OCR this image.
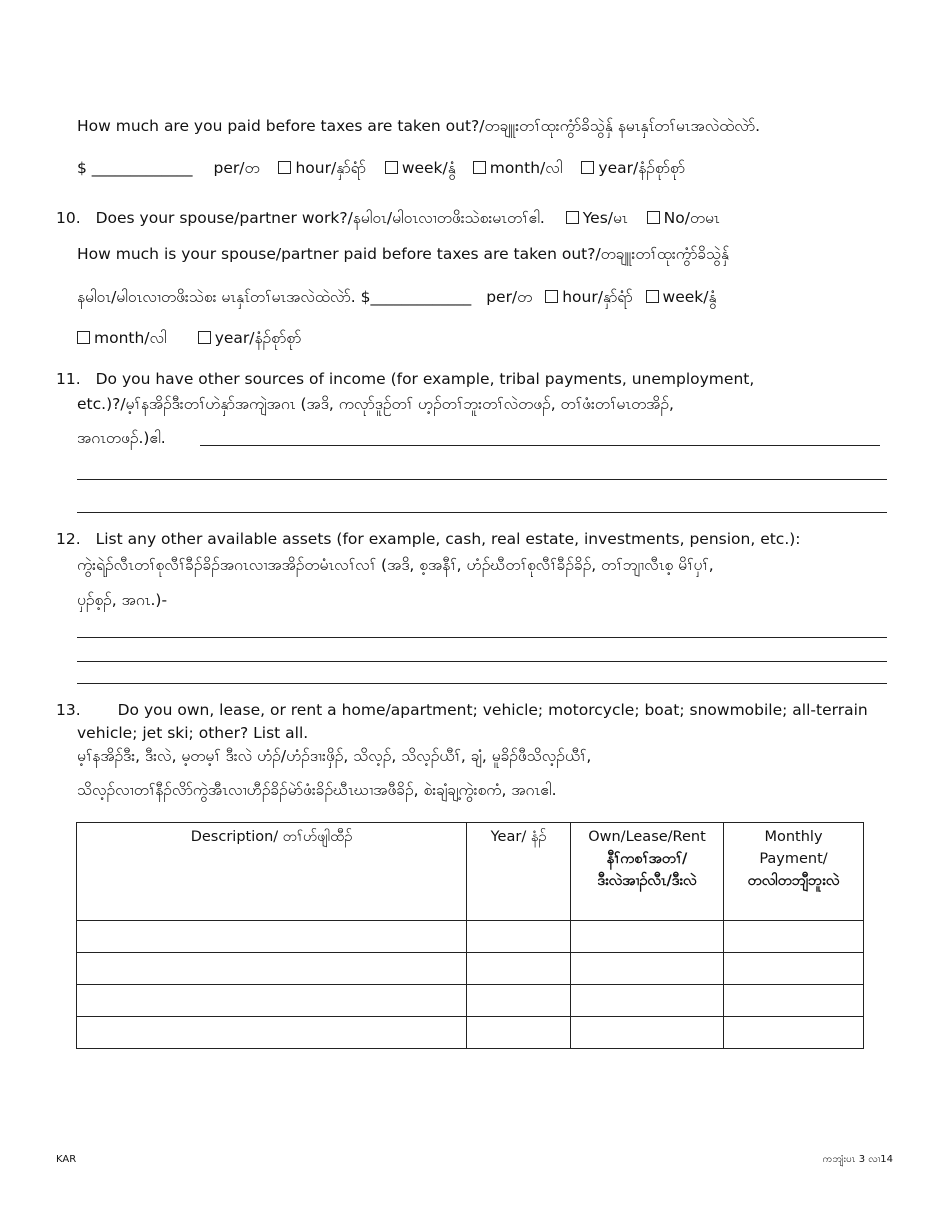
How much are you paid before taxes are taken out?/တချူးတၢ်ထုးကွံာ်ခိသွဲနှ် နမၤနှၤ်တၢ်မၤအလဲထဲလဲာ်.
$ _____________ per/တ hour/နှာ်ရံာ် week/နွံ month/လါ year/နံၣ်စုာ်စုာ်
10. Does your spouse/partner work?/နမါဝၤ/မါဝၤလၢတဖိးသဲစးမၤတၢ်ဧါ. Yes/မၤ No/တမၤ
How much is your spouse/partner paid before taxes are taken out?/တချူးတၢ်ထုးကွံာ်ခိသွဲနှ်
နမါဝၤ/မါဝၤလၢတဖိးသဲစး မၤနှၤ်တၢ်မၤအလဲထဲလဲာ်. $_____________ per/တ hour/နှာ်ရံာ် week/နွံ
month/လါ	year/နံၣ်စုာ်စုာ်
11. Do you have other sources of income (for example, tribal payments, unemployment,
etc.)?/မ့ၢ်နအိၣ်ဒီးတၢ်ဟဲနှာ်အကျဲအဂၤ (အဒိ, ကလုာ်ဒူဉ်တၢ် ဟ့ၣ်တၢ်ဘူးတၢ်လဲတဖၣ်, တၢ်ဖံးတၢ်မၤတအိၣ်,
အဂၤတဖၣ်.)ဧါ.
12. List any other available assets (for example, cash, real estate, investments, pension, etc.):
ကွဲးရဲၣ်လီၤတၢ်စုလီၢ်ခီၣ်ခိၣ်အဂၤလၢအအိၣ်တမံၤလၢ်လၢ် (အဒိ, စ့အနီၢ်, ဟံၣ်ဃီတၢ်စုလီၢ်ခီၣ်ခိၣ်, တၢ်ဘျၢလီၤစ့ မိၢ်ပှၢ်,
ပှၣ်စ့ၣ်, အဂၤ.)-
13. Do you own, lease, or rent a home/apartment; vehicle; motorcycle; boat; snowmobile; all-terrain
vehicle; jet ski; other? List all.
မ့ၢ်နအိၣ်ဒီး, ဒီးလဲ, မ့တမ့ၢ် ဒီးလဲ ဟံၣ်/ဟံၣ်ဒၢးဖှိၣ်, သိလ့ၣ်, သိလ့ၣ်ယီၢ်, ချံ, မူခိၣ်ဖီသိလ့ၣ်ယီၢ်,
သိလ့ၣ်လၢတၢ်နီၣ်လိာ်ကွဲအီၤလၢဟီၣ်ခိၣ်မဲာ်ဖံးခိၣ်ဃီၤဃၢအဖီခိၣ်, စဲးချံချ့ကွဲးစကံ, အဂၤဧါ.
Description/ တၢ်ဟ်ဖျါထီၣ်	Year/ နံၣ်	Own/Lease/Rent
နီၢ်ကစၢ်အတၢ်/
ဒီးလဲအၢၣ်လီၤ/ဒီးလဲ	Monthly
Payment/
တလါတဘျီဘူးလဲ

KAR	ကဘျံးပၤ 3 လၢ14
